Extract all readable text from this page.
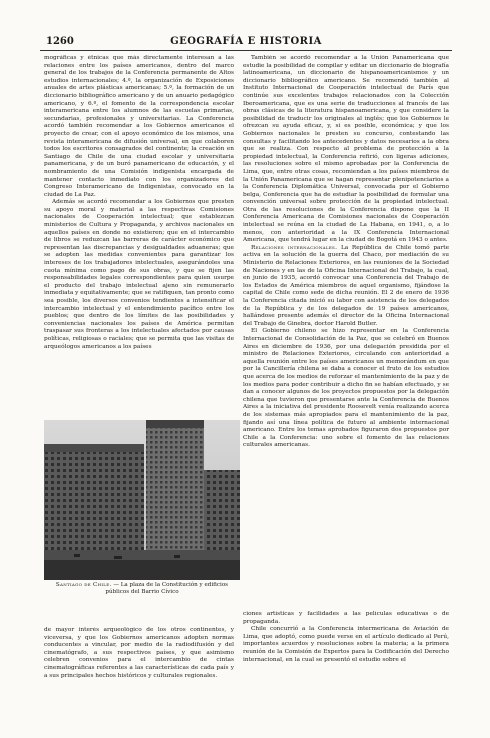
1260	GEOGRAFÍA E HISTORIA

mográficas y étnicas que más directamente interesan a las relaciones entre los países americanos, dentro del marco general de los trabajos de la Conferencia permanente de Altos estudios internacionales; 4.º, la organización de Exposiciones anuales de artes plásticas americanas; 5.º, la formación de un diccionario bibliográfico americano y de un anuario pedagógico americano, y 6.º, el fomento de la correspondencia escolar interamericana entre los alumnos de las escuelas primarias, secundarias, profesionales y universitarias. La Conferencia acordó también recomendar a los Gobiernos americanos el proyecto de crear, con el apoyo económico de los mismos, una revista interamericana de difusión universal, en que colaboren todos los escritores consagrados del continente; la creación en Santiago de Chile de una ciudad escolar y universitaria panamericana, y de un buró panamericano de educación, y el nombramiento de una Comisión indigenista encargada de mantener contacto inmediato con los organizadores del Congreso Interamericano de Indigenistas, convocado en la ciudad de La Paz.

Además se acordó recomendar a los Gobiernos que presten su apoyo moral y material a las respectivas Comisiones nacionales de Cooperación intelectual; que establezcan ministerios de Cultura y Propaganda, y archivos nacionales en aquellos países en donde no existieren; que en el intercambio de libros se reduzcan las barreras de carácter económico que representan las discrepancias y desigualdades aduaneras; que se adopten las medidas convenientes para garantizar los intereses de los trabajadores intelectuales, asegurándoles una cuota mínima como pago de sus obras, y que se fijen las responsabilidades legales correspondientes para quien usurpe el producto del trabajo intelectual ajeno sin remunerarlo inmediata y equitativamente; que se ratifiquen, tan pronto como sea posible, los diversos convenios tendientes a intensificar el intercambio intelectual y el entendimiento pacífico entre los pueblos; que dentro de los límites de las posibilidades y conveniencias nacionales los países de América permitan traspasar sus fronteras a los intelectuales afectados por causas políticas, religiosas o raciales; que se permita que las visitas de arqueólogos americanos a los países

Santiago de Chile. — La plaza de la Constitución y edificios públicos del Barrio Cívico

de mayor interés arqueológico de los otros continentes, y viceversa, y que los Gobiernos americanos adopten normas conducentes a vincular, por medio de la radiodifusión y del cinematógrafo, a sus respectivos países, y que asimismo celebren convenios para el intercambio de cintas cinematográficas referentes a las características de cada país y a sus principales hechos históricos y culturales regionales.

También se acordó recomendar a la Unión Panamericana que estudie la posibilidad de compilar y editar un diccionario de biografía latinoamericana, un diccionario de hispanoamericanismos y un diccionario bibliográfico americano. Se recomendó también al Instituto Internacional de Cooperación intelectual de París que continúe sus excelentes trabajos relacionados con la Colección Iberoamericana, que es una serie de traducciones al francés de las obras clásicas de la literatura hispanoamericana, y que considere la posibilidad de traducir los originales al inglés; que los Gobiernos le ofrezcan su ayuda eficaz, y, si es posible, económica; y que los Gobiernos nacionales le presten su concurso, contestando las consultas y facilitando los antecedentes y datos necesarios a la obra que se realiza. Con respecto al problema de protección a la propiedad intelectual, la Conferencia refirió, con ligeras adiciones, las resoluciones sobre el mismo aprobadas por la Conferencia de Lima, que, entre otras cosas, recomiendan a los países miembros de la Unión Panamericana que se hagan representar plenipotenciarios a la Conferencia Diplomática Universal, convocada por el Gobierno belga, Conferencia que ha de estudiar la posibilidad de formular una convención universal sobre protección de la propiedad intelectual. Otra de las resoluciones de la Conferencia dispone que la II Conferencia Americana de Comisiones nacionales de Cooperación intelectual se reúna en la ciudad de La Habana, en 1941, o, a lo menos, con anterioridad a la IX Conferencia Internacional Americana, que tendrá lugar en la ciudad de Bogotá en 1943 o antes.

Relaciones internacionales. La República de Chile tomó parte activa en la solución de la guerra del Chaco, por mediación de su Ministerio de Relaciones Exteriores, en las reuniones de la Sociedad de Naciones y en las de la Oficina Internacional del Trabajo, la cual, en junio de 1935, acordó convocar una Conferencia del Trabajo de los Estados de América miembros de aquel organismo, fijándose la capital de Chile como sede de dicha reunión. El 2 de enero de 1936 la Conferencia citada inició su labor con asistencia de los delegados de la República y de los delegados de 19 países americanos, hallándose presente además el director de la Oficina Internacional del Trabajo de Ginebra, doctor Harold Butler.

El Gobierno chileno se hizo representar en la Conferencia Internacional de Consolidación de la Paz, que se celebró en Buenos Aires en diciembre de 1936, por una delegación presidida por el ministro de Relaciones Exteriores, circulando con anterioridad a aquella reunión entre los países americanos un memorándum en que por la Cancillería chilena se daba a conocer el fruto de los estudios que acerca de los medios de reforzar el mantenimiento de la paz y de los medios para poder contribuir a dicho fin se habían efectuado, y se dan a conocer algunos de los proyectos propuestos por la delegación chilena que tuvieron que presentarse ante la Conferencia de Buenos Aires a la iniciativa del presidente Roosevelt venía realizando acerca de los sistemas más apropiados para el mantenimiento de la paz, fijando así una línea política de futuro al ambiente internacional americano. Entre los temas aprobados figuraron dos propuestos por Chile a la Conferencia: uno sobre el fomento de las relaciones culturales americanas.

ciones artísticas y facilidades a las películas educativas o de propaganda.

Chile concurrió a la Conferencia intermericana de Aviación de Lima, que adoptó, como puede verse en el artículo dedicado al Perú, importantes acuerdos y resoluciones sobre la materia; a la primera reunión de la Comisión de Expertos para la Codificación del Derecho internacional, en la cual se presentó el estudio sobre el
